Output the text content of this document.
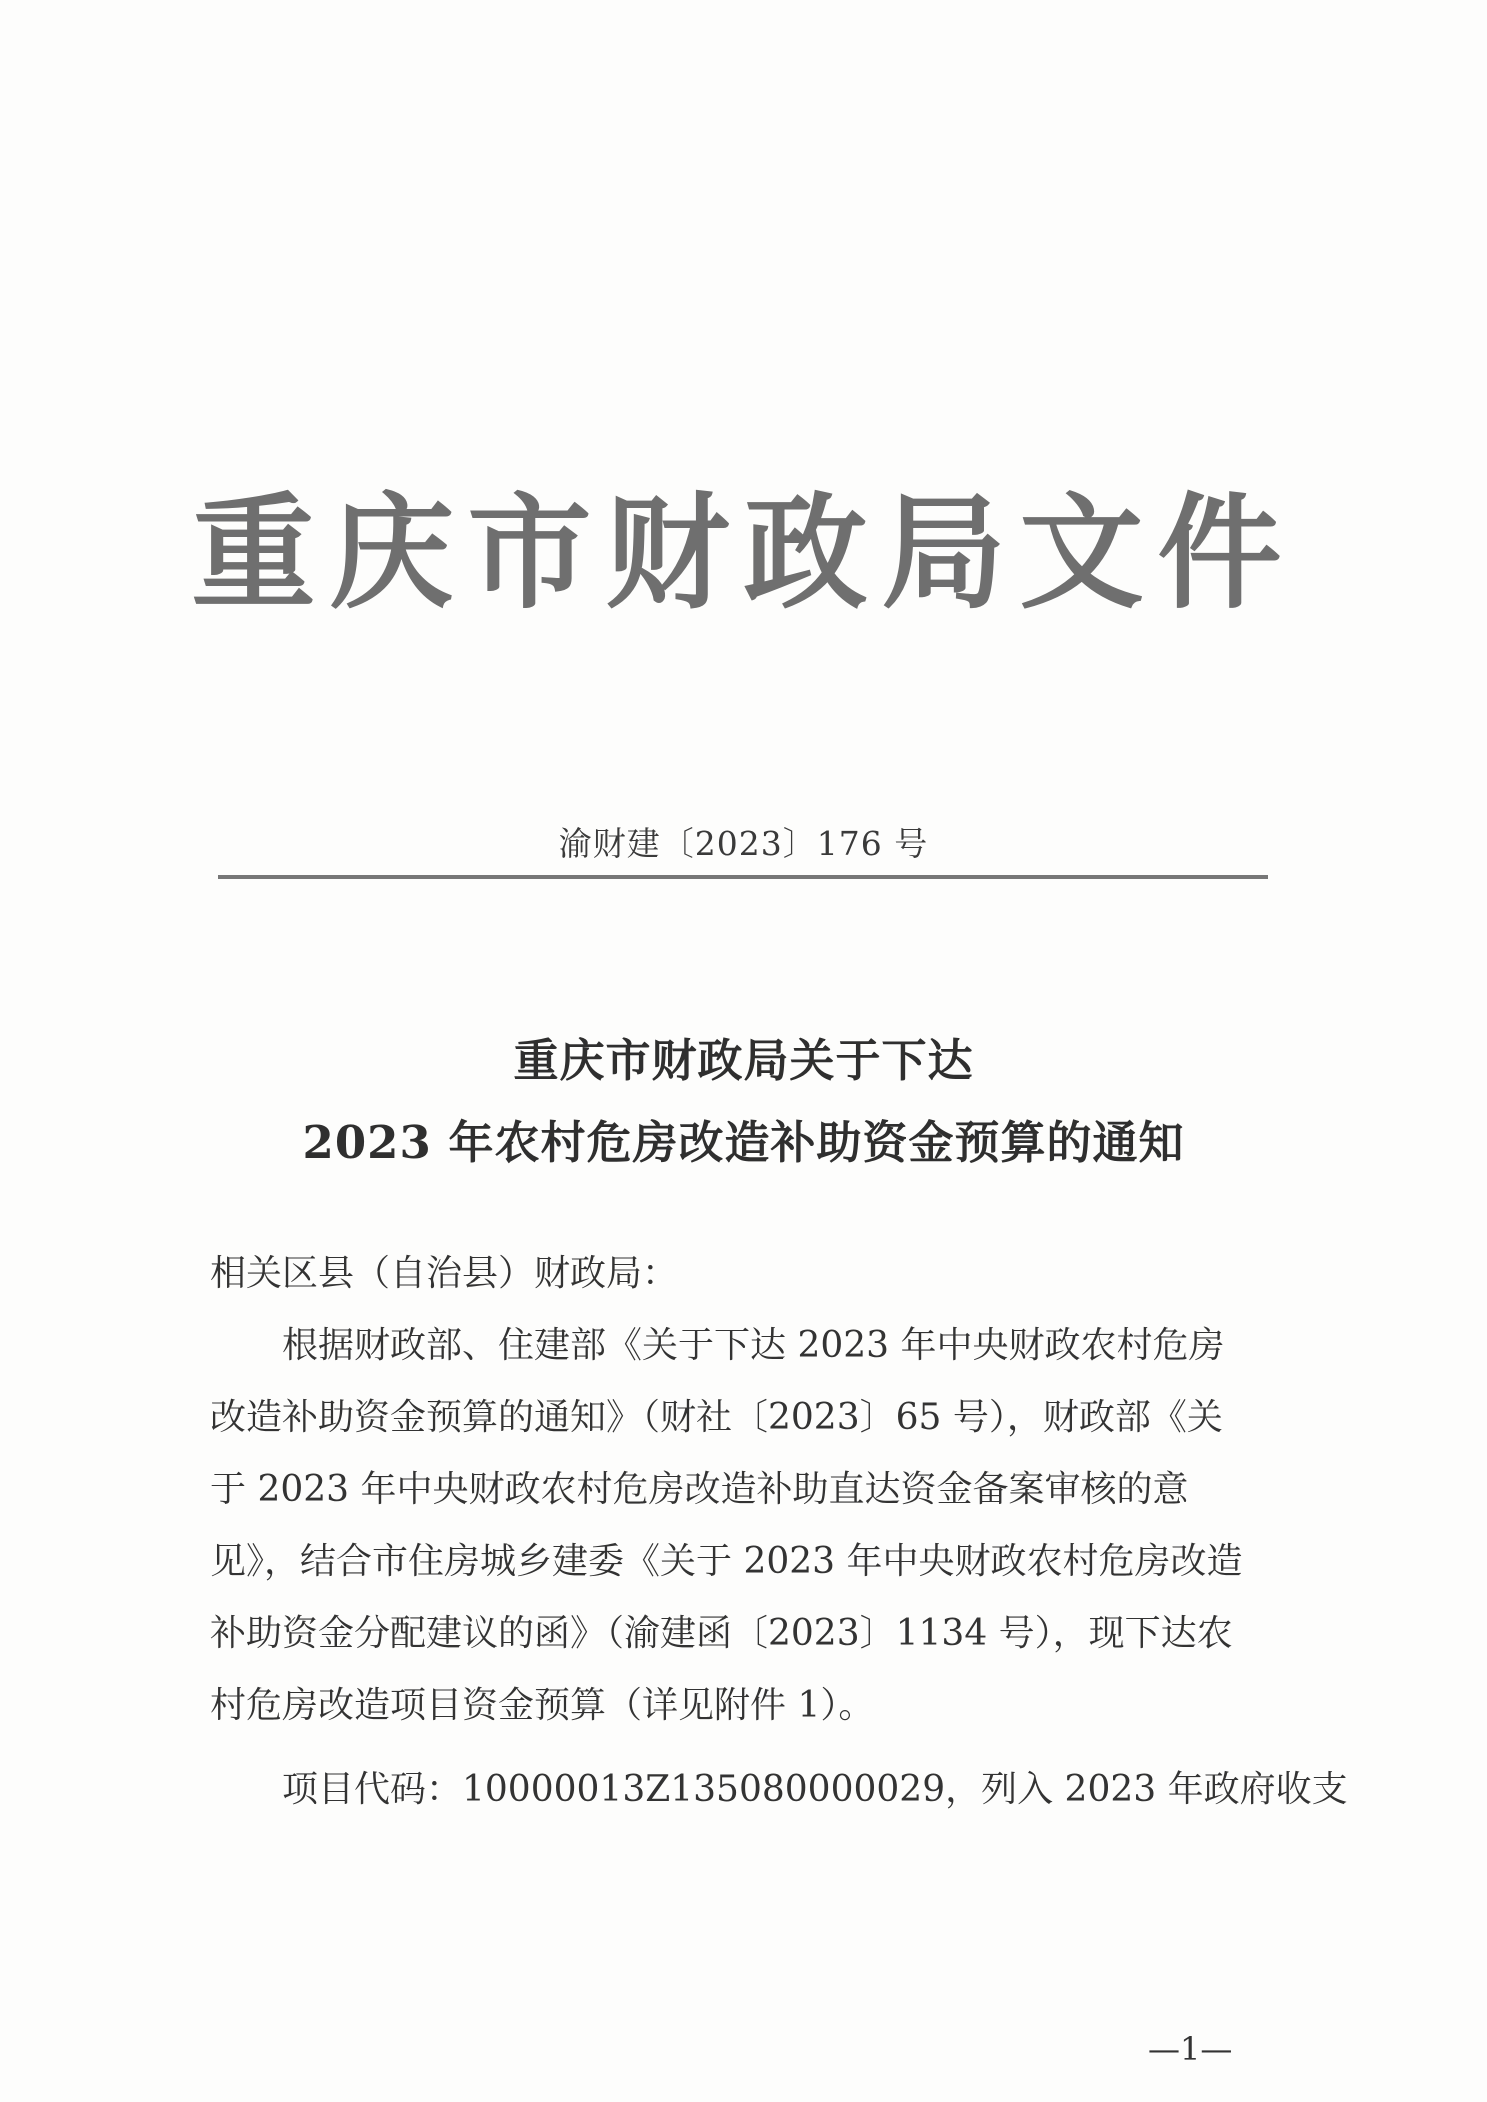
重庆市财政局文件
渝财建〔2023〕176 号
重庆市财政局关于下达
2023 年农村危房改造补助资金预算的通知
相关区县（自治县）财政局：
　　根据财政部、住建部《关于下达 2023 年中央财政农村危房
改造补助资金预算的通知》（财社〔2023〕65 号），财政部《关
于 2023 年中央财政农村危房改造补助直达资金备案审核的意
见》，结合市住房城乡建委《关于 2023 年中央财政农村危房改造
补助资金分配建议的函》（渝建函〔2023〕1134 号），现下达农
村危房改造项目资金预算（详见附件 1）。
　　项目代码：10000013Z135080000029，列入 2023 年政府收支
—1—
